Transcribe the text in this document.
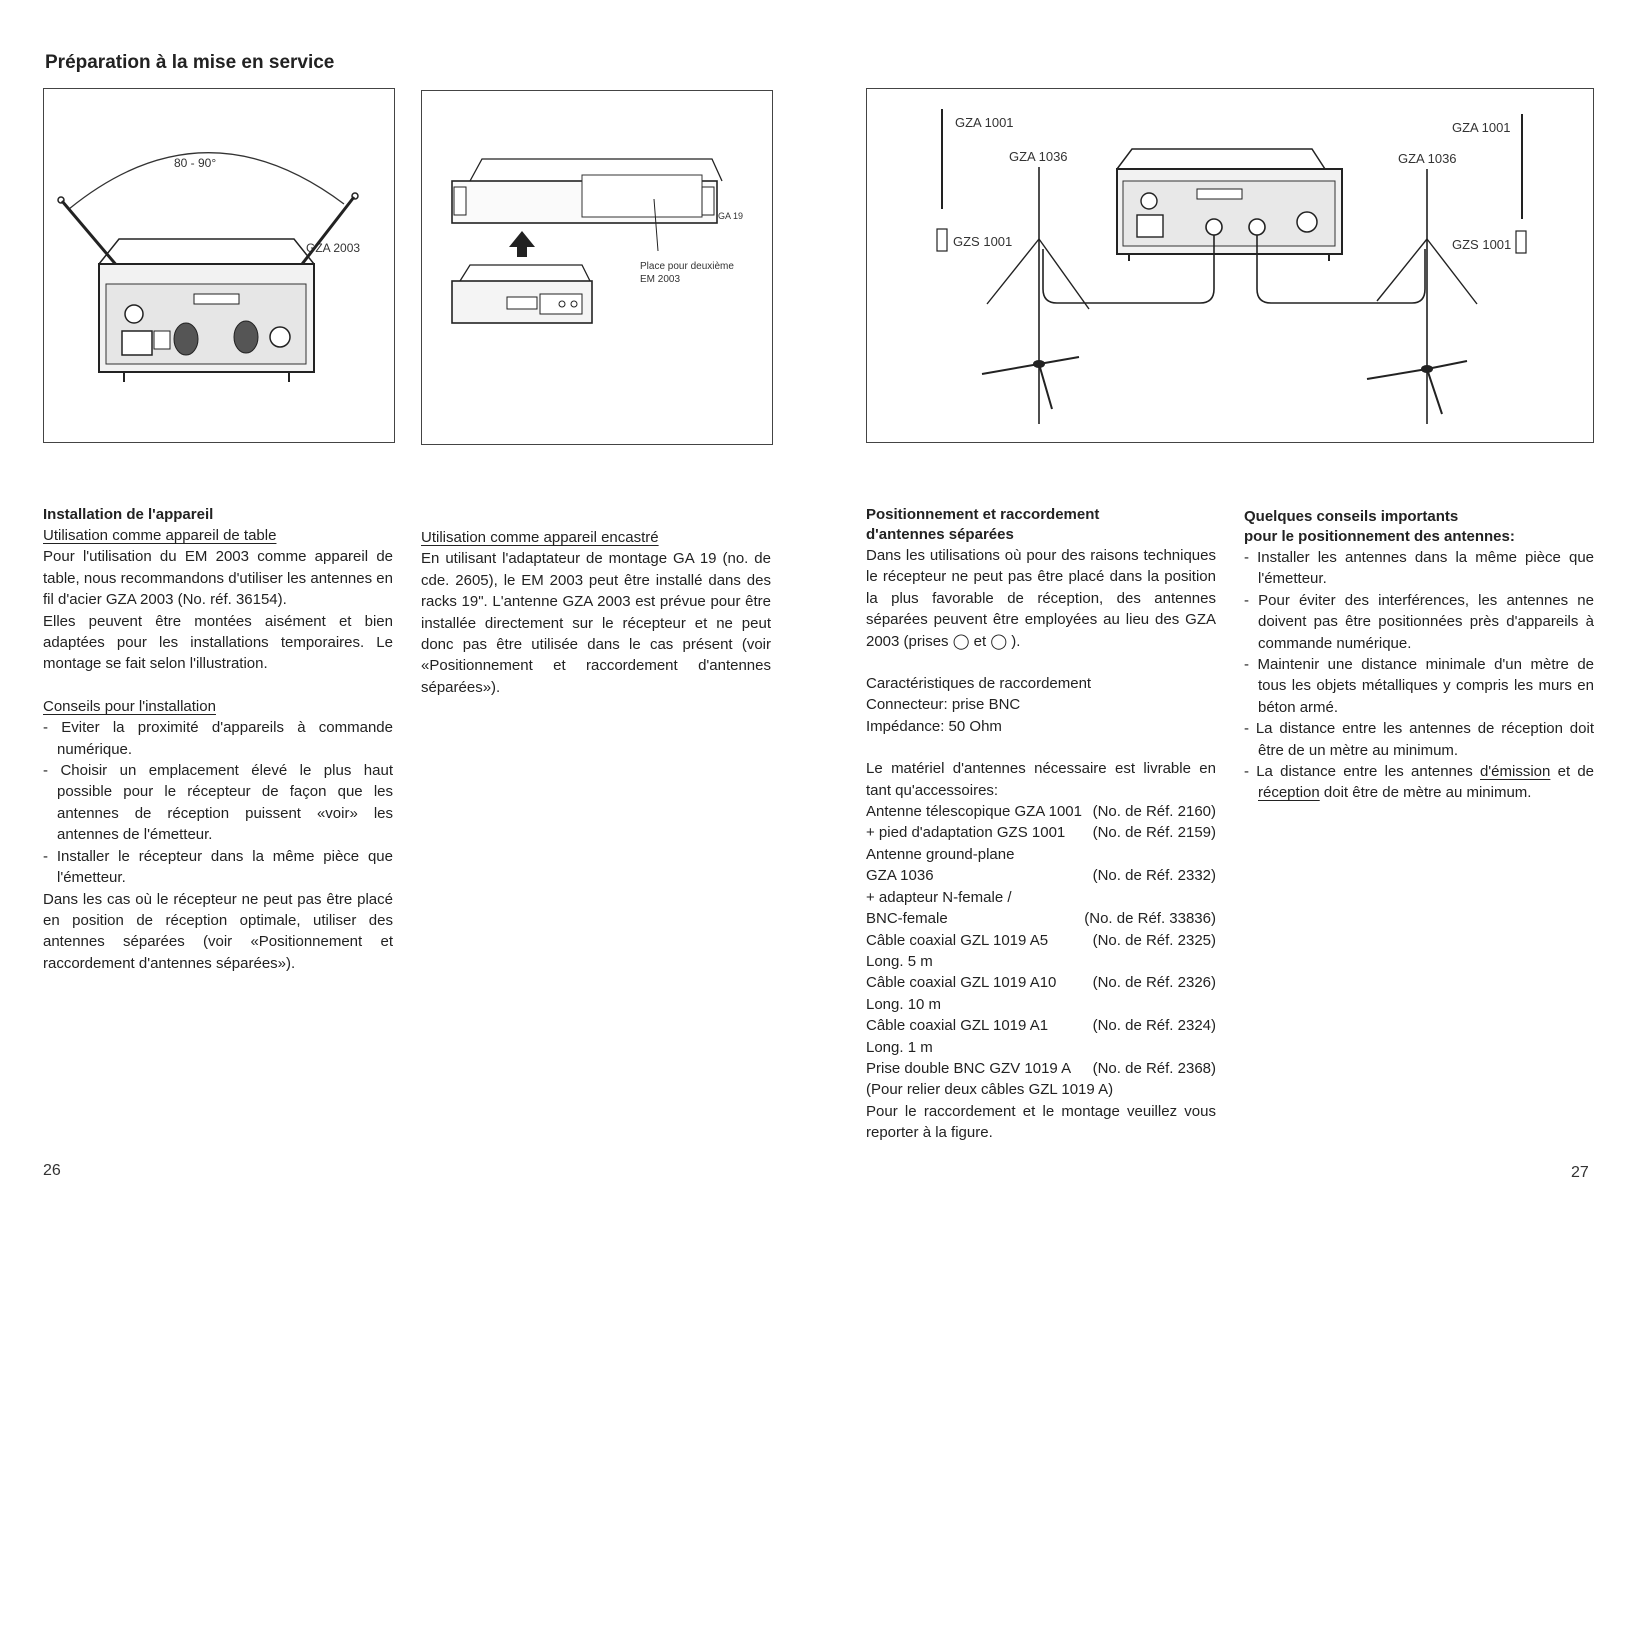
Préparation à la mise en service
80 - 90°
GZA 2003
GA 19
Place pour deuxième
EM 2003
GZA 1001
GZS 1001
GZA 1036
GZA 1001
GZS 1001
GZA 1036
Installation de l'appareil

Utilisation comme appareil de table

Pour l'utilisation du EM 2003 comme appareil de table, nous recommandons d'utiliser les antennes en fil d'acier GZA 2003 (No. réf. 36154).

Elles peuvent être montées aisément et bien adaptées pour les installations temporaires. Le montage se fait selon l'illustration.

Conseils pour l'installation

- Eviter la proximité d'appareils à commande numérique.
- Choisir un emplacement élevé le plus haut possible pour le récepteur de façon que les antennes de réception puissent «voir» les antennes de l'émetteur.
- Installer le récepteur dans la même pièce que l'émetteur.

Dans les cas où le récepteur ne peut pas être placé en position de réception optimale, utiliser des antennes séparées (voir «Positionnement et raccordement d'antennes séparées»).

Utilisation comme appareil encastré

En utilisant l'adaptateur de montage GA 19 (no. de cde. 2605), le EM 2003 peut être installé dans des racks 19". L'antenne GZA 2003 est prévue pour être installée directement sur le récepteur et ne peut donc pas être utilisée dans le cas présent (voir «Positionnement et raccordement d'antennes séparées»).

Positionnement et raccordement
d'antennes séparées

Dans les utilisations où pour des raisons techniques le récepteur ne peut pas être placé dans la position la plus favorable de réception, des antennes séparées peuvent être employées au lieu des GZA 2003 (prises ◯ et ◯ ).

Caractéristiques de raccordement

Connecteur: prise BNC

Impédance: 50 Ohm

Le matériel d'antennes nécessaire est livrable en tant qu'accessoires:

Antenne télescopique GZA 1001 (No. de Réf. 2160)
+ pied d'adaptation GZS 1001 (No. de Réf. 2159)
Antenne ground-plane
GZA 1036	(No. de Réf. 2332)
+ adapteur N-female /
BNC-female	(No. de Réf. 33836)
Câble coaxial GZL 1019 A5	(No. de Réf. 2325)
Long. 5 m
Câble coaxial GZL 1019 A10 (No. de Réf. 2326)
Long. 10 m
Câble coaxial GZL 1019 A1	(No. de Réf. 2324)
Long. 1 m
Prise double BNC GZV 1019 A (No. de Réf. 2368)
(Pour relier deux câbles GZL 1019 A)

Pour le raccordement et le montage veuillez vous reporter à la figure.

Quelques conseils importants
pour le positionnement des antennes:
- Installer les antennes dans la même pièce que l'émetteur.
- Pour éviter des interférences, les antennes ne doivent pas être positionnées près d'appareils à commande numérique.
- Maintenir une distance minimale d'un mètre de tous les objets métalliques y compris les murs en béton armé.
- La distance entre les antennes de réception doit être de un mètre au minimum.
- La distance entre les antennes d'émission et de réception doit être de mètre au minimum.
26	27
